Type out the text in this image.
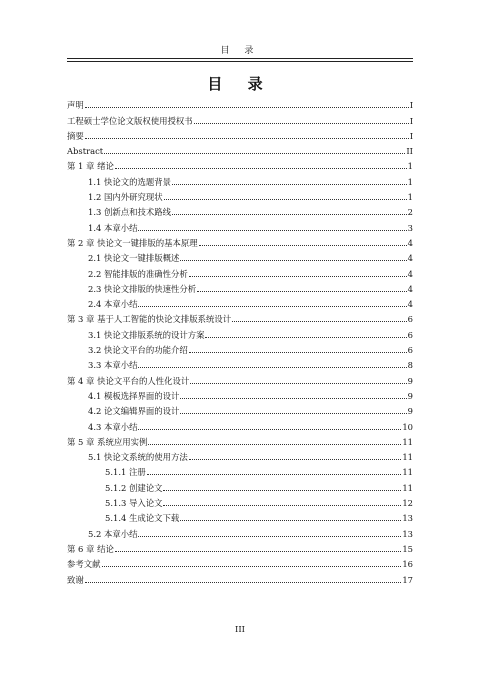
目 录
目 录
声明	I
工程硕士学位论文版权使用授权书	I
摘要	I
Abstract	II
第 1 章 绪论	1
1.1 快论文的选题背景	1
1.2 国内外研究现状	1
1.3 创新点和技术路线	2
1.4 本章小结	3
第 2 章 快论文一键排版的基本原理	4
2.1 快论文一键排版概述	4
2.2 智能排版的准确性分析	4
2.3 快论文排版的快速性分析	4
2.4 本章小结	4
第 3 章 基于人工智能的快论文排版系统设计	6
3.1 快论文排版系统的设计方案	6
3.2 快论文平台的功能介绍	6
3.3 本章小结	8
第 4 章 快论文平台的人性化设计	9
4.1 模板选择界面的设计	9
4.2 论文编辑界面的设计	9
4.3 本章小结	10
第 5 章 系统应用实例	11
5.1 快论文系统的使用方法	11
5.1.1 注册	11
5.1.2 创建论文	11
5.1.3 导入论文	12
5.1.4 生成论文下载	13
5.2 本章小结	13
第 6 章 结论	15
参考文献	16
致谢	17
III
